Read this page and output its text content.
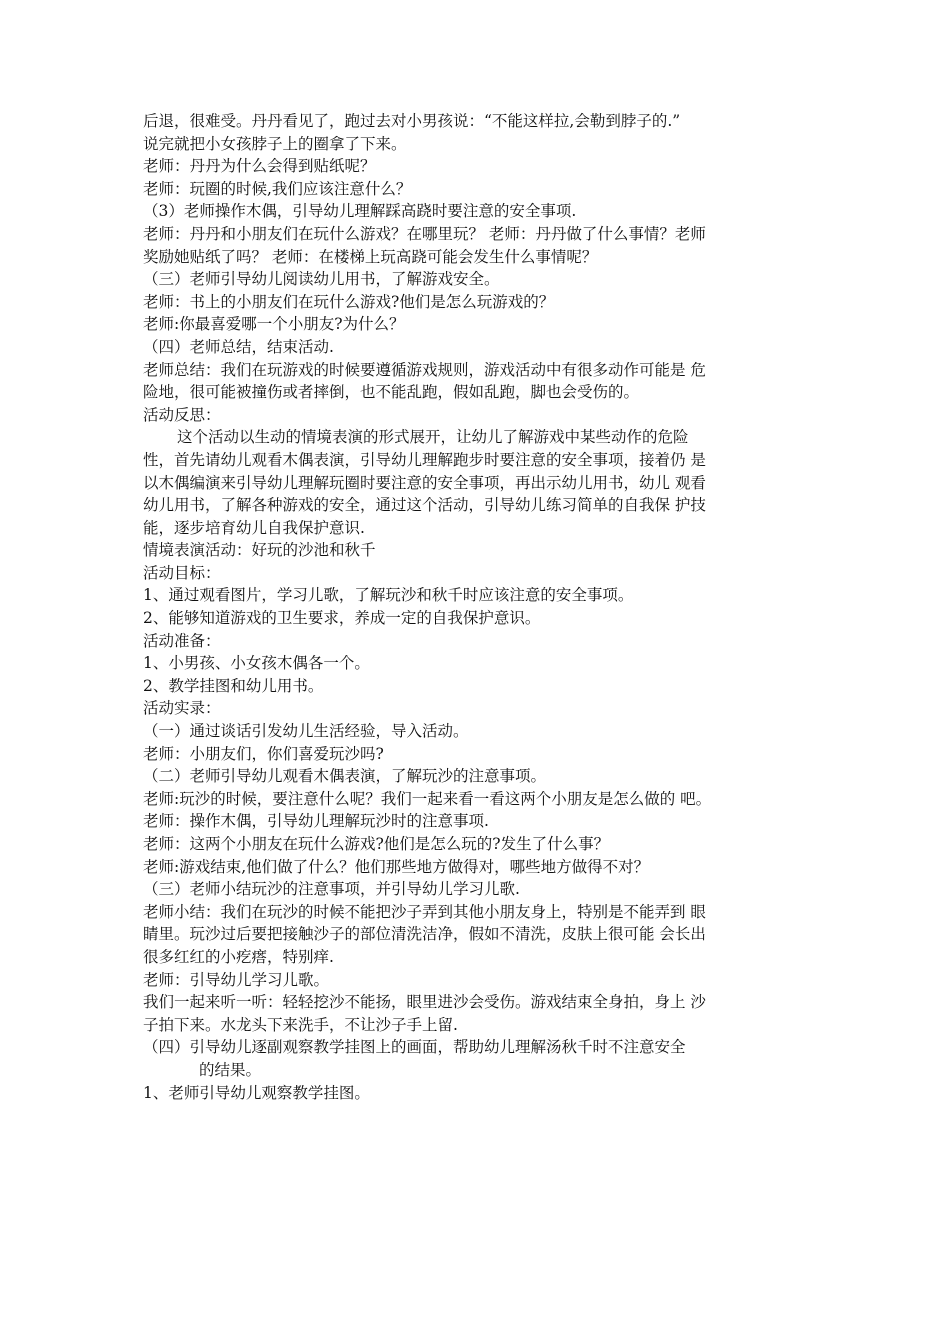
后退，很难受。丹丹看见了，跑过去对小男孩说：“不能这样拉,会勒到脖子的.”
说完就把小女孩脖子上的圈拿了下来。
老师：丹丹为什么会得到贴纸呢？
老师：玩圈的时候,我们应该注意什么？
（3）老师操作木偶，引导幼儿理解踩高跷时要注意的安全事项.
老师：丹丹和小朋友们在玩什么游戏？在哪里玩？ 老师：丹丹做了什么事情？老师
奖励她贴纸了吗？ 老师：在楼梯上玩高跷可能会发生什么事情呢？
（三）老师引导幼儿阅读幼儿用书，了解游戏安全。
老师：书上的小朋友们在玩什么游戏?他们是怎么玩游戏的？
老师:你最喜爱哪一个小朋友?为什么？
（四）老师总结，结束活动.
老师总结：我们在玩游戏的时候要遵循游戏规则，游戏活动中有很多动作可能是 危
险地，很可能被撞伤或者摔倒，也不能乱跑，假如乱跑，脚也会受伤的。
活动反思：
这个活动以生动的情境表演的形式展开，让幼儿了解游戏中某些动作的危险
性，首先请幼儿观看木偶表演，引导幼儿理解跑步时要注意的安全事项，接着仍 是
以木偶编演来引导幼儿理解玩圈时要注意的安全事项，再出示幼儿用书，幼儿 观看
幼儿用书，了解各种游戏的安全，通过这个活动，引导幼儿练习简单的自我保 护技
能，逐步培育幼儿自我保护意识.
情境表演活动：好玩的沙池和秋千
活动目标：
1、通过观看图片，学习儿歌，了解玩沙和秋千时应该注意的安全事项。
2、能够知道游戏的卫生要求，养成一定的自我保护意识。
活动准备：
1、小男孩、小女孩木偶各一个。
2、教学挂图和幼儿用书。
活动实录：
（一）通过谈话引发幼儿生活经验，导入活动。
老师：小朋友们，你们喜爱玩沙吗?
（二）老师引导幼儿观看木偶表演，了解玩沙的注意事项。
老师:玩沙的时候，要注意什么呢？我们一起来看一看这两个小朋友是怎么做的 吧。
老师：操作木偶，引导幼儿理解玩沙时的注意事项.
老师：这两个小朋友在玩什么游戏?他们是怎么玩的?发生了什么事？
老师:游戏结束,他们做了什么？他们那些地方做得对，哪些地方做得不对？
（三）老师小结玩沙的注意事项，并引导幼儿学习儿歌.
老师小结：我们在玩沙的时候不能把沙子弄到其他小朋友身上，特别是不能弄到 眼
睛里。玩沙过后要把接触沙子的部位清洗洁净，假如不清洗，皮肤上很可能 会长出
很多红红的小疙瘩，特别痒.
老师：引导幼儿学习儿歌。
我们一起来听一听：轻轻挖沙不能扬，眼里进沙会受伤。游戏结束全身拍，身上 沙
子拍下来。水龙头下来洗手，不让沙子手上留.
（四）引导幼儿逐副观察教学挂图上的画面，帮助幼儿理解汤秋千时不注意安全
的结果。
1、老师引导幼儿观察教学挂图。
